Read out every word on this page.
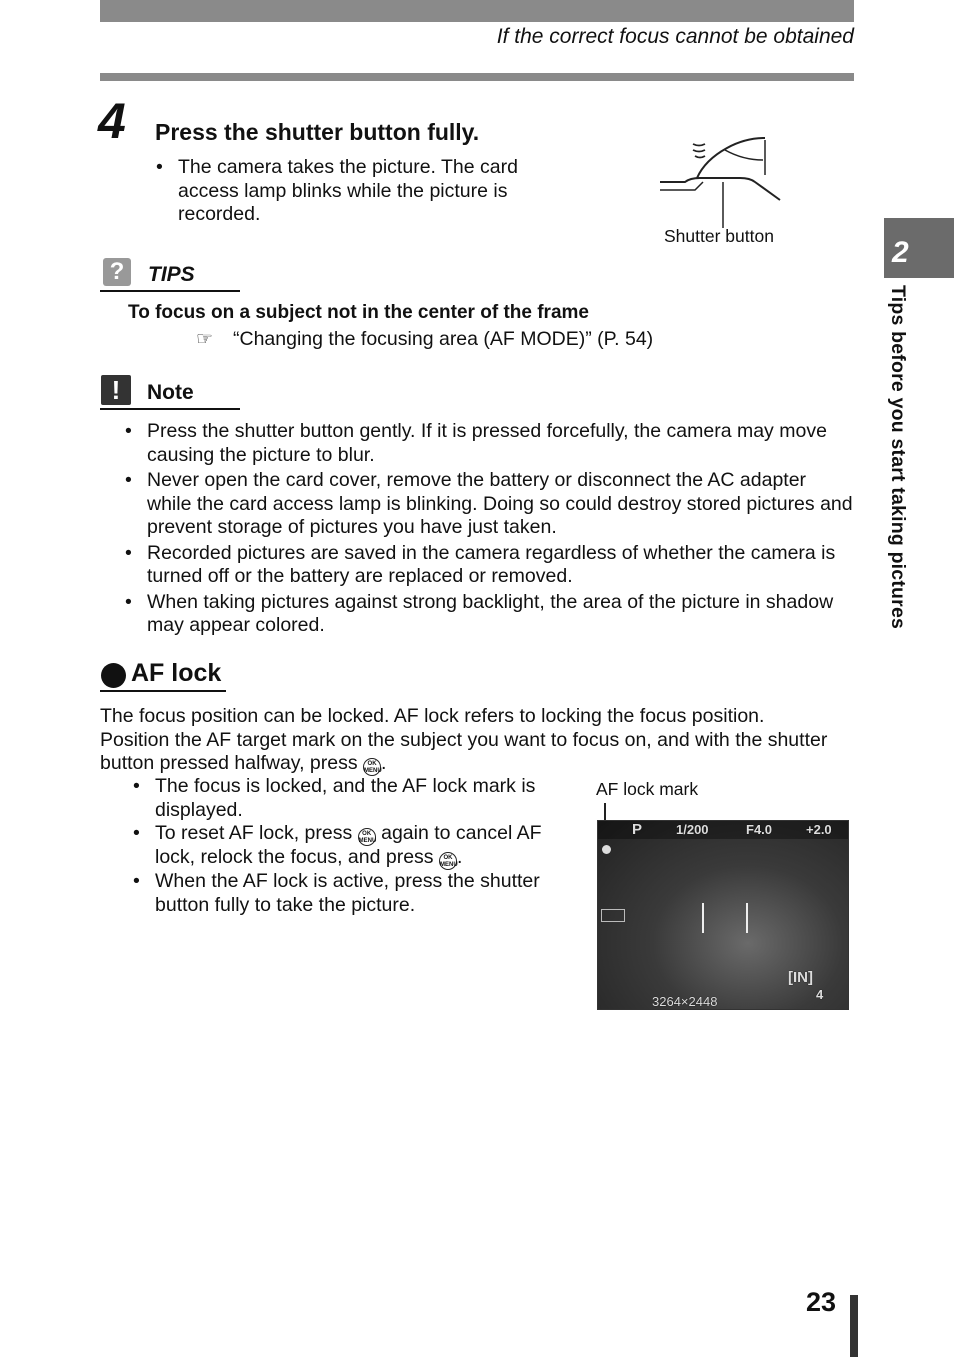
If the correct focus cannot be obtained
4 Press the shutter button fully.
• The camera takes the picture. The card access lamp blinks while the picture is recorded.
Shutter button
?	TIPS
To focus on a subject not in the center of the frame
☞ “Changing the focusing area (AF MODE)” (P. 54)
!	Note
• Press the shutter button gently. If it is pressed forcefully, the camera may move causing the picture to blur.
• Never open the card cover, remove the battery or disconnect the AC adapter while the card access lamp is blinking. Doing so could destroy stored pictures and prevent storage of pictures you have just taken.
• Recorded pictures are saved in the camera regardless of whether the camera is turned off or the battery are replaced or removed.
• When taking pictures against strong backlight, the area of the picture in shadow may appear colored.
AF lock
The focus position can be locked. AF lock refers to locking the focus position.
Position the AF target mark on the subject you want to focus on, and with the shutter button pressed halfway, press OK
MENU.
• The focus is locked, and the AF lock mark is displayed.
• To reset AF lock, press OK
MENU again to cancel AF lock, relock the focus, and press OK
MENU.
• When the AF lock is active, press the shutter button fully to take the picture.
AF lock mark
P	1/200	F4.0	+2.0
[IN]
3264×2448	4
2
Tips before you start taking pictures
23
